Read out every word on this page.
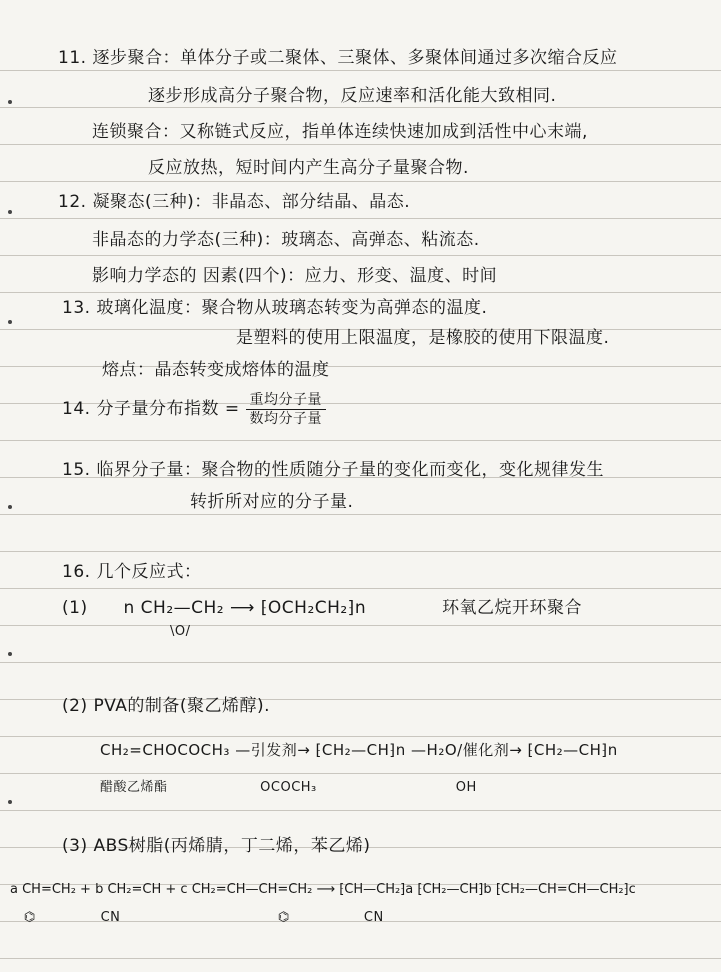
11. 逐步聚合：单体分子或二聚体、三聚体、多聚体间通过多次缩合反应
逐步形成高分子聚合物，反应速率和活化能大致相同.
连锁聚合：又称链式反应，指单体连续快速加成到活性中心末端,
反应放热，短时间内产生高分子量聚合物.
12. 凝聚态(三种)：非晶态、部分结晶、晶态.
非晶态的力学态(三种)：玻璃态、高弹态、粘流态.
影响力学态的 因素(四个)：应力、形变、温度、时间
13. 玻璃化温度：聚合物从玻璃态转变为高弹态的温度.
是塑料的使用上限温度，是橡胶的使用下限温度.
熔点：晶态转变成熔体的温度
14. 分子量分布指数 = $\frac{\text{重均分子量}}{\text{数均分子量}}$
15. 临界分子量：聚合物的性质随分子量的变化而变化，变化规律发生
转折所对应的分子量.
16. 几个反应式：
(1) n CH₂—CH₂ ⟶ ⁅OCH₂CH₂⁆n	环氧乙烷开环聚合
\O/
(2) PVA的制备(聚乙烯醇).
CH₂=CHOCOCH₃ —引发剂→ ⁅CH₂—CH⁆n —H₂O/催化剂→ ⁅CH₂—CH⁆n
醋酸乙烯酯                    OCOCH₃                              OH
(3) ABS树脂(丙烯腈，丁二烯，苯乙烯)
a CH=CH₂ + b CH₂=CH + c CH₂=CH—CH=CH₂ ⟶ ⁅CH—CH₂⁆a ⁅CH₂—CH⁆b ⁅CH₂—CH=CH—CH₂⁆c
⌬              CN                                  ⌬                CN
